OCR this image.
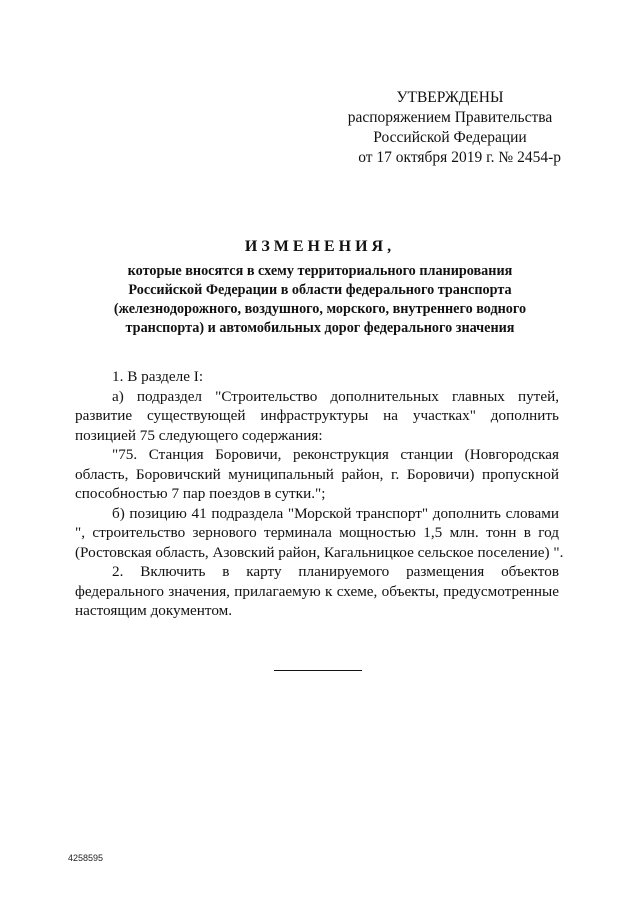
УТВЕРЖДЕНЫ
распоряжением Правительства
Российской Федерации
от 17 октября 2019 г. № 2454-р
ИЗМЕНЕНИЯ,
которые вносятся в схему территориального планирования
Российской Федерации в области федерального транспорта
(железнодорожного, воздушного, морского, внутреннего водного
транспорта) и автомобильных дорог федерального значения
1. В разделе I:
а) подраздел "Строительство дополнительных главных путей,
развитие существующей инфраструктуры на участках" дополнить
позицией 75 следующего содержания:
"75. Станция Боровичи, реконструкция станции (Новгородская
область, Боровичский муниципальный район, г. Боровичи) пропускной
способностью 7 пар поездов в сутки.";
б) позицию 41 подраздела "Морской транспорт" дополнить словами
", строительство зернового терминала мощностью 1,5 млн. тонн в год
(Ростовская область, Азовский район, Кагальницкое сельское поселение) ".
2. Включить в карту планируемого размещения объектов
федерального значения, прилагаемую к схеме, объекты, предусмотренные
настоящим документом.
4258595
